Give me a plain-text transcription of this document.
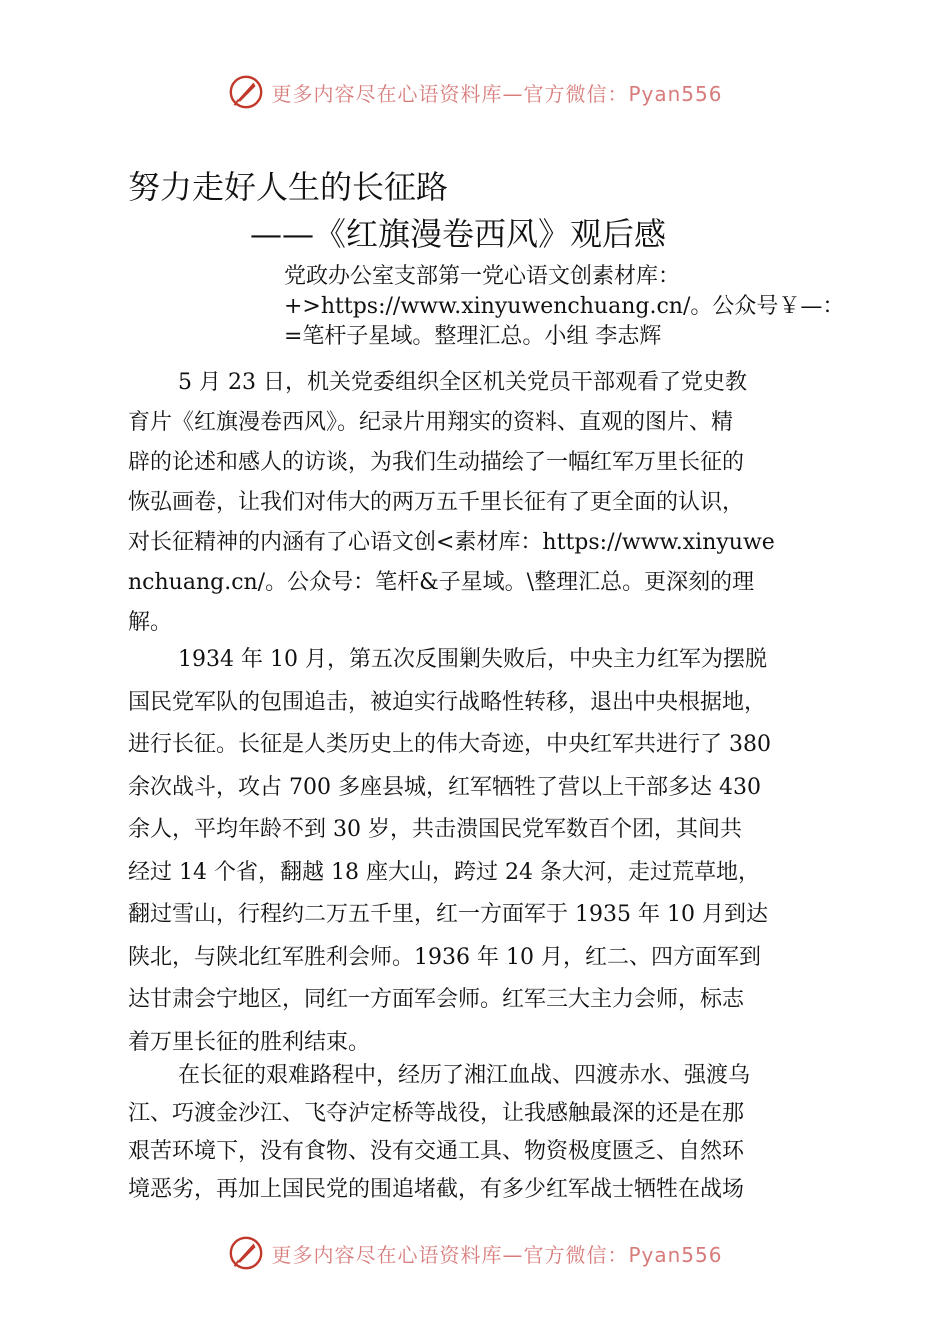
更多内容尽在心语资料库—官方微信：Pyan556
努力走好人生的长征路
——《红旗漫卷西风》观后感
党政办公室支部第一党心语文创素材库：
+>https://www.xinyuwenchuang.cn/。公众号￥—：
=笔杆子星域。整理汇总。小组 李志辉

5 月 23 日，机关党委组织全区机关党员干部观看了党史教
育片《红旗漫卷西风》。纪录片用翔实的资料、直观的图片、精
辟的论述和感人的访谈，为我们生动描绘了一幅红军万里长征的
恢弘画卷，让我们对伟大的两万五千里长征有了更全面的认识，
对长征精神的内涵有了心语文创<素材库：https://www.xinyuwe
nchuang.cn/。公众号：笔杆&子星域。\整理汇总。更深刻的理
解。

1934 年 10 月，第五次反围剿失败后，中央主力红军为摆脱
国民党军队的包围追击，被迫实行战略性转移，退出中央根据地，
进行长征。长征是人类历史上的伟大奇迹，中央红军共进行了 380
余次战斗，攻占 700 多座县城，红军牺牲了营以上干部多达 430
余人，平均年龄不到 30 岁，共击溃国民党军数百个团，其间共
经过 14 个省，翻越 18 座大山，跨过 24 条大河，走过荒草地，
翻过雪山，行程约二万五千里，红一方面军于 1935 年 10 月到达
陕北，与陕北红军胜利会师。1936 年 10 月，红二、四方面军到
达甘肃会宁地区，同红一方面军会师。红军三大主力会师，标志
着万里长征的胜利结束。

在长征的艰难路程中，经历了湘江血战、四渡赤水、强渡乌
江、巧渡金沙江、飞夺泸定桥等战役，让我感触最深的还是在那
艰苦环境下，没有食物、没有交通工具、物资极度匮乏、自然环
境恶劣，再加上国民党的围追堵截，有多少红军战士牺牲在战场

更多内容尽在心语资料库—官方微信：Pyan556
